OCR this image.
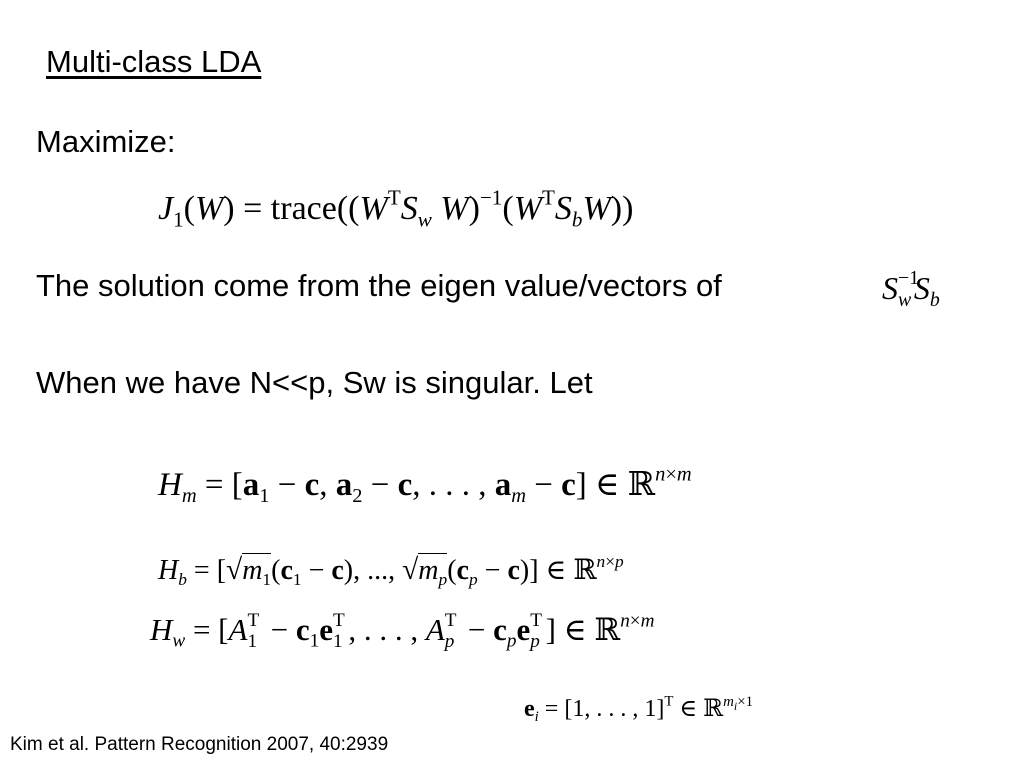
Multi-class LDA
Maximize:
$J_1(W)$ = $trace((W^TS_w$ $W)^{-1}(W^TS_bW)$)
The solution come from the eigen value/vectors of	S −1
w $S_b$
When we have N<<p, Sw is singular. Let
$H_m = [a_1 - c$, $a_2 - c$, . . . , $a_m - c$] ∈ ℝ$^{n\times m}$
$H_b = [√m_1(c_1 - c)$, ..., $√m_p(c_p - c)$] ∈ ℝ$^{n\times p}$
$H_w = [A$ T
$1 - c_1e$ T
1 , . . . , A T
$p - c_pe$ T
p ] ∈ ℝ$^{n\times m}$
$e_i = [1$, . . . , 1]$^T$ ∈ ℝ$^{m_i\times 1}$
Kim et al. Pattern Recognition 2007, 40:2939
